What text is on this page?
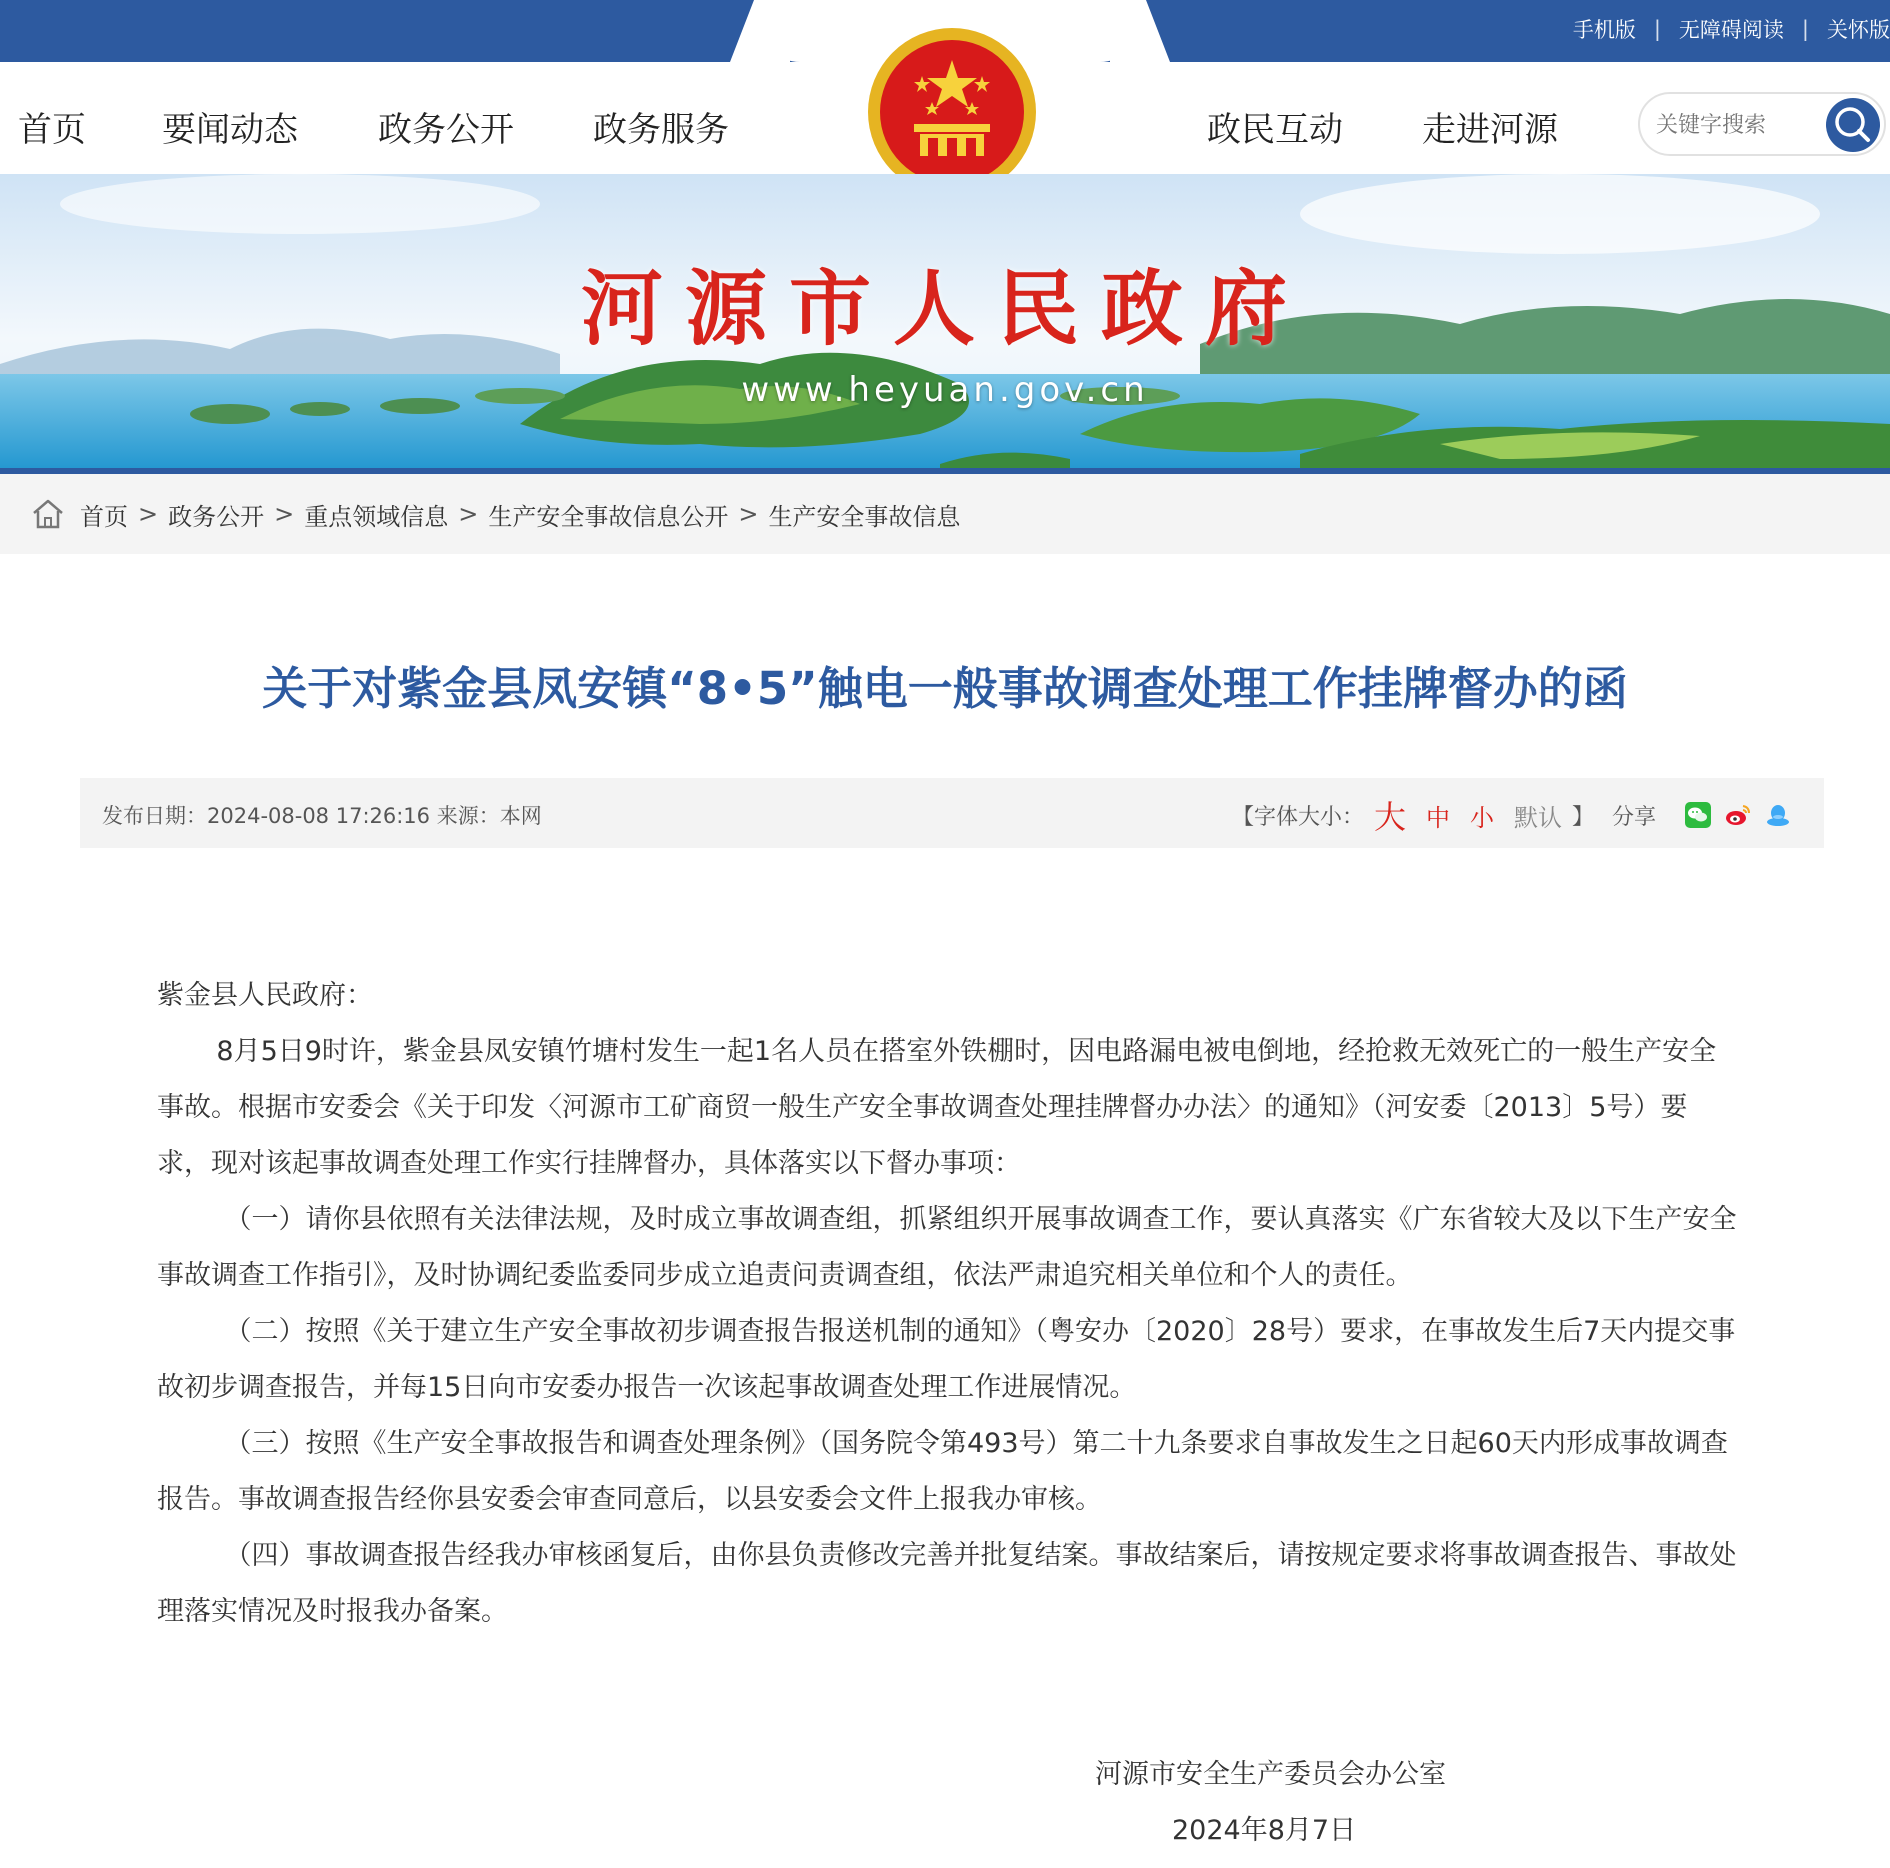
手机版 | 无障碍阅读 | 关怀版
首页 要闻动态 政务公开 政务服务	政民互动 走进河源
关键字搜索
河源市人民政府
www.heyuan.gov.cn
首页 > 政务公开 > 重点领域信息 > 生产安全事故信息公开 > 生产安全事故信息
关于对紫金县凤安镇“8•5”触电一般事故调查处理工作挂牌督办的函
发布日期：2024-08-08 17:26:16 来源：本网	【字体大小： 大 中 小 默认 】 分享

紫金县人民政府：

8月5日9时许，紫金县凤安镇竹塘村发生一起1名人员在搭室外铁棚时，因电路漏电被电倒地，经抢救无效死亡的一般生产安全事故。根据市安委会《关于印发〈河源市工矿商贸一般生产安全事故调查处理挂牌督办办法〉的通知》（河安委〔2013〕5号）要求，现对该起事故调查处理工作实行挂牌督办，具体落实以下督办事项：

（一）请你县依照有关法律法规，及时成立事故调查组，抓紧组织开展事故调查工作，要认真落实《广东省较大及以下生产安全事故调查工作指引》，及时协调纪委监委同步成立追责问责调查组，依法严肃追究相关单位和个人的责任。

（二）按照《关于建立生产安全事故初步调查报告报送机制的通知》（粤安办〔2020〕28号）要求，在事故发生后7天内提交事故初步调查报告，并每15日向市安委办报告一次该起事故调查处理工作进展情况。

（三）按照《生产安全事故报告和调查处理条例》（国务院令第493号）第二十九条要求自事故发生之日起60天内形成事故调查报告。事故调查报告经你县安委会审查同意后，以县安委会文件上报我办审核。

（四）事故调查报告经我办审核函复后，由你县负责修改完善并批复结案。事故结案后，请按规定要求将事故调查报告、事故处理落实情况及时报我办备案。

河源市安全生产委员会办公室
2024年8月7日
